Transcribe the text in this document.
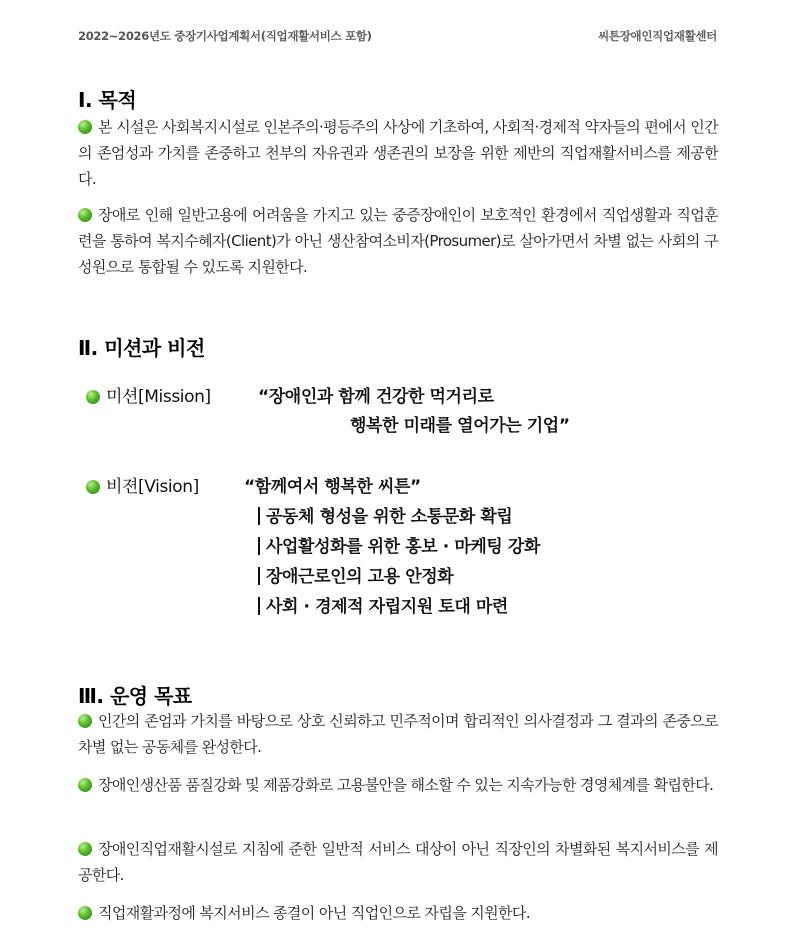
2022~2026년도 중장기사업계획서(직업재활서비스 포함)	씨튼장애인직업재활센터
Ⅰ. 목적
본 시설은 사회복지시설로 인본주의·평등주의 사상에 기초하여, 사회적·경제적 약자들의 편에서 인간의 존엄성과 가치를 존중하고 천부의 자유권과 생존권의 보장을 위한 제반의 직업재활서비스를 제공한다.
장애로 인해 일반고용에 어려움을 가지고 있는 중증장애인이 보호적인 환경에서 직업생활과 직업훈련을 통하여 복지수혜자(Client)가 아닌 생산참여소비자(Prosumer)로 살아가면서 차별 없는 사회의 구성원으로 통합될 수 있도록 지원한다.
Ⅱ. 미션과 비전
미션[Mission]	“장애인과 함께 건강한 먹거리로
행복한 미래를 열어가는 기업”
비젼[Vision]	“함께여서 행복한 씨튼”
공동체 형성을 위한 소통문화 확립
사업활성화를 위한 홍보 · 마케팅 강화
장애근로인의 고용 안정화
사회 · 경제적 자립지원 토대 마련
Ⅲ. 운영 목표
인간의 존엄과 가치를 바탕으로 상호 신뢰하고 민주적이며 합리적인 의사결정과 그 결과의 존중으로 차별 없는 공동체를 완성한다.
장애인생산품 품질강화 및 제품강화로 고용불안을 해소할 수 있는 지속가능한 경영체계를 확립한다.
장애인직업재활시설로 지침에 준한 일반적 서비스 대상이 아닌 직장인의 차별화된 복지서비스를 제공한다.
직업재활과정에 복지서비스 종결이 아닌 직업인으로 자립을 지원한다.
